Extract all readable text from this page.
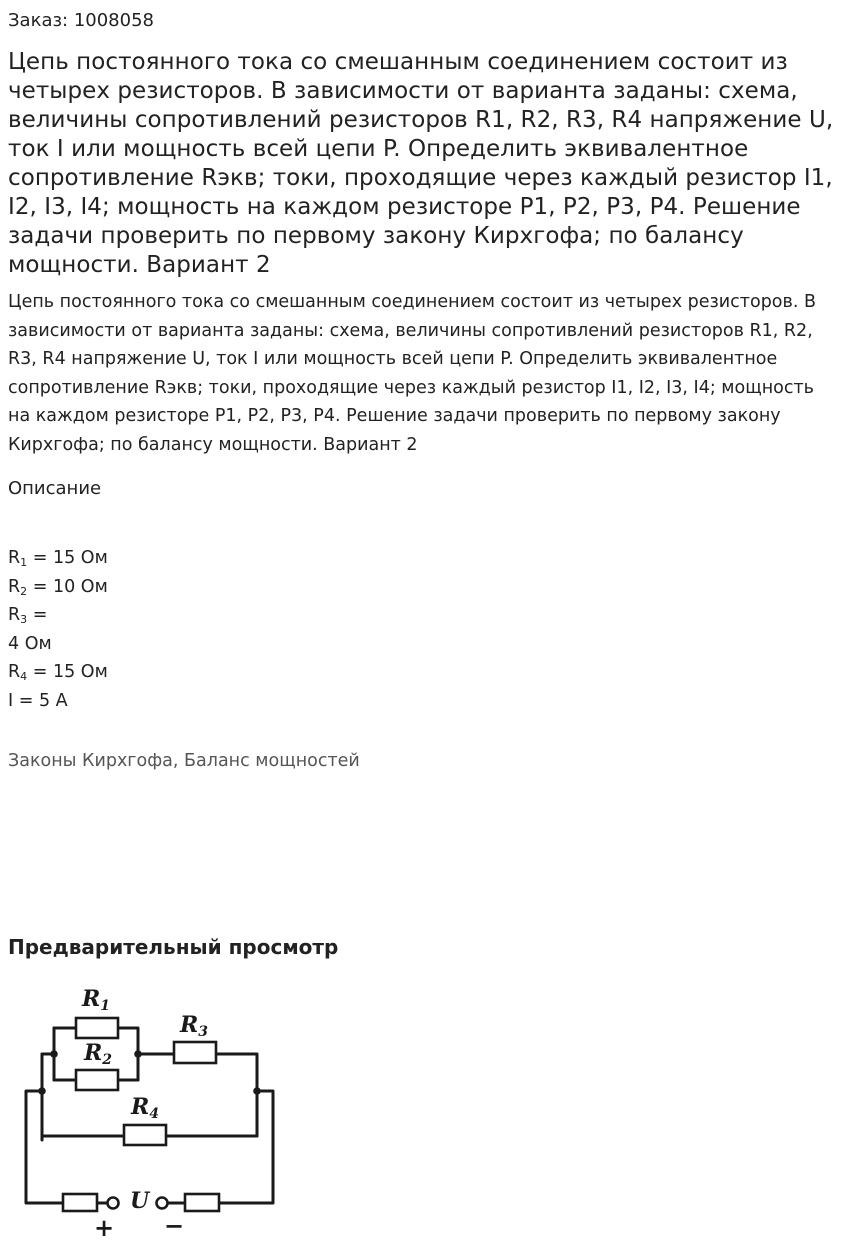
Заказ: 1008058

Цепь постоянного тока со смешанным соединением состоит из четырех резисторов. В зависимости от варианта заданы: схема, величины сопротивлений резисторов R1, R2, R3, R4 напряжение U, ток I или мощность всей цепи P. Определить эквивалентное сопротивление Rэкв; токи, проходящие через каждый резистор I1, I2, I3, I4; мощность на каждом резисторе P1, P2, P3, P4. Решение задачи проверить по первому закону Кирхгофа; по балансу мощности. Вариант 2

Цепь постоянного тока со смешанным соединением состоит из четырех резисторов. В зависимости от варианта заданы: схема, величины сопротивлений резисторов R1, R2, R3, R4 напряжение U, ток I или мощность всей цепи P. Определить эквивалентное сопротивление Rэкв; токи, проходящие через каждый резистор I1, I2, I3, I4; мощность на каждом резисторе P1, P2, P3, P4. Решение задачи проверить по первому закону Кирхгофа; по балансу мощности. Вариант 2

Описание

$R_1 = 15$ Ом
$R_2 = 10$ Ом
$R_3$ =
4 Ом
$R_4 = 15$ Ом
I = 5 A
Законы Кирхгофа, Баланс мощностей
Предварительный просмотр
R1
R2
R3
R4
U
+ −
